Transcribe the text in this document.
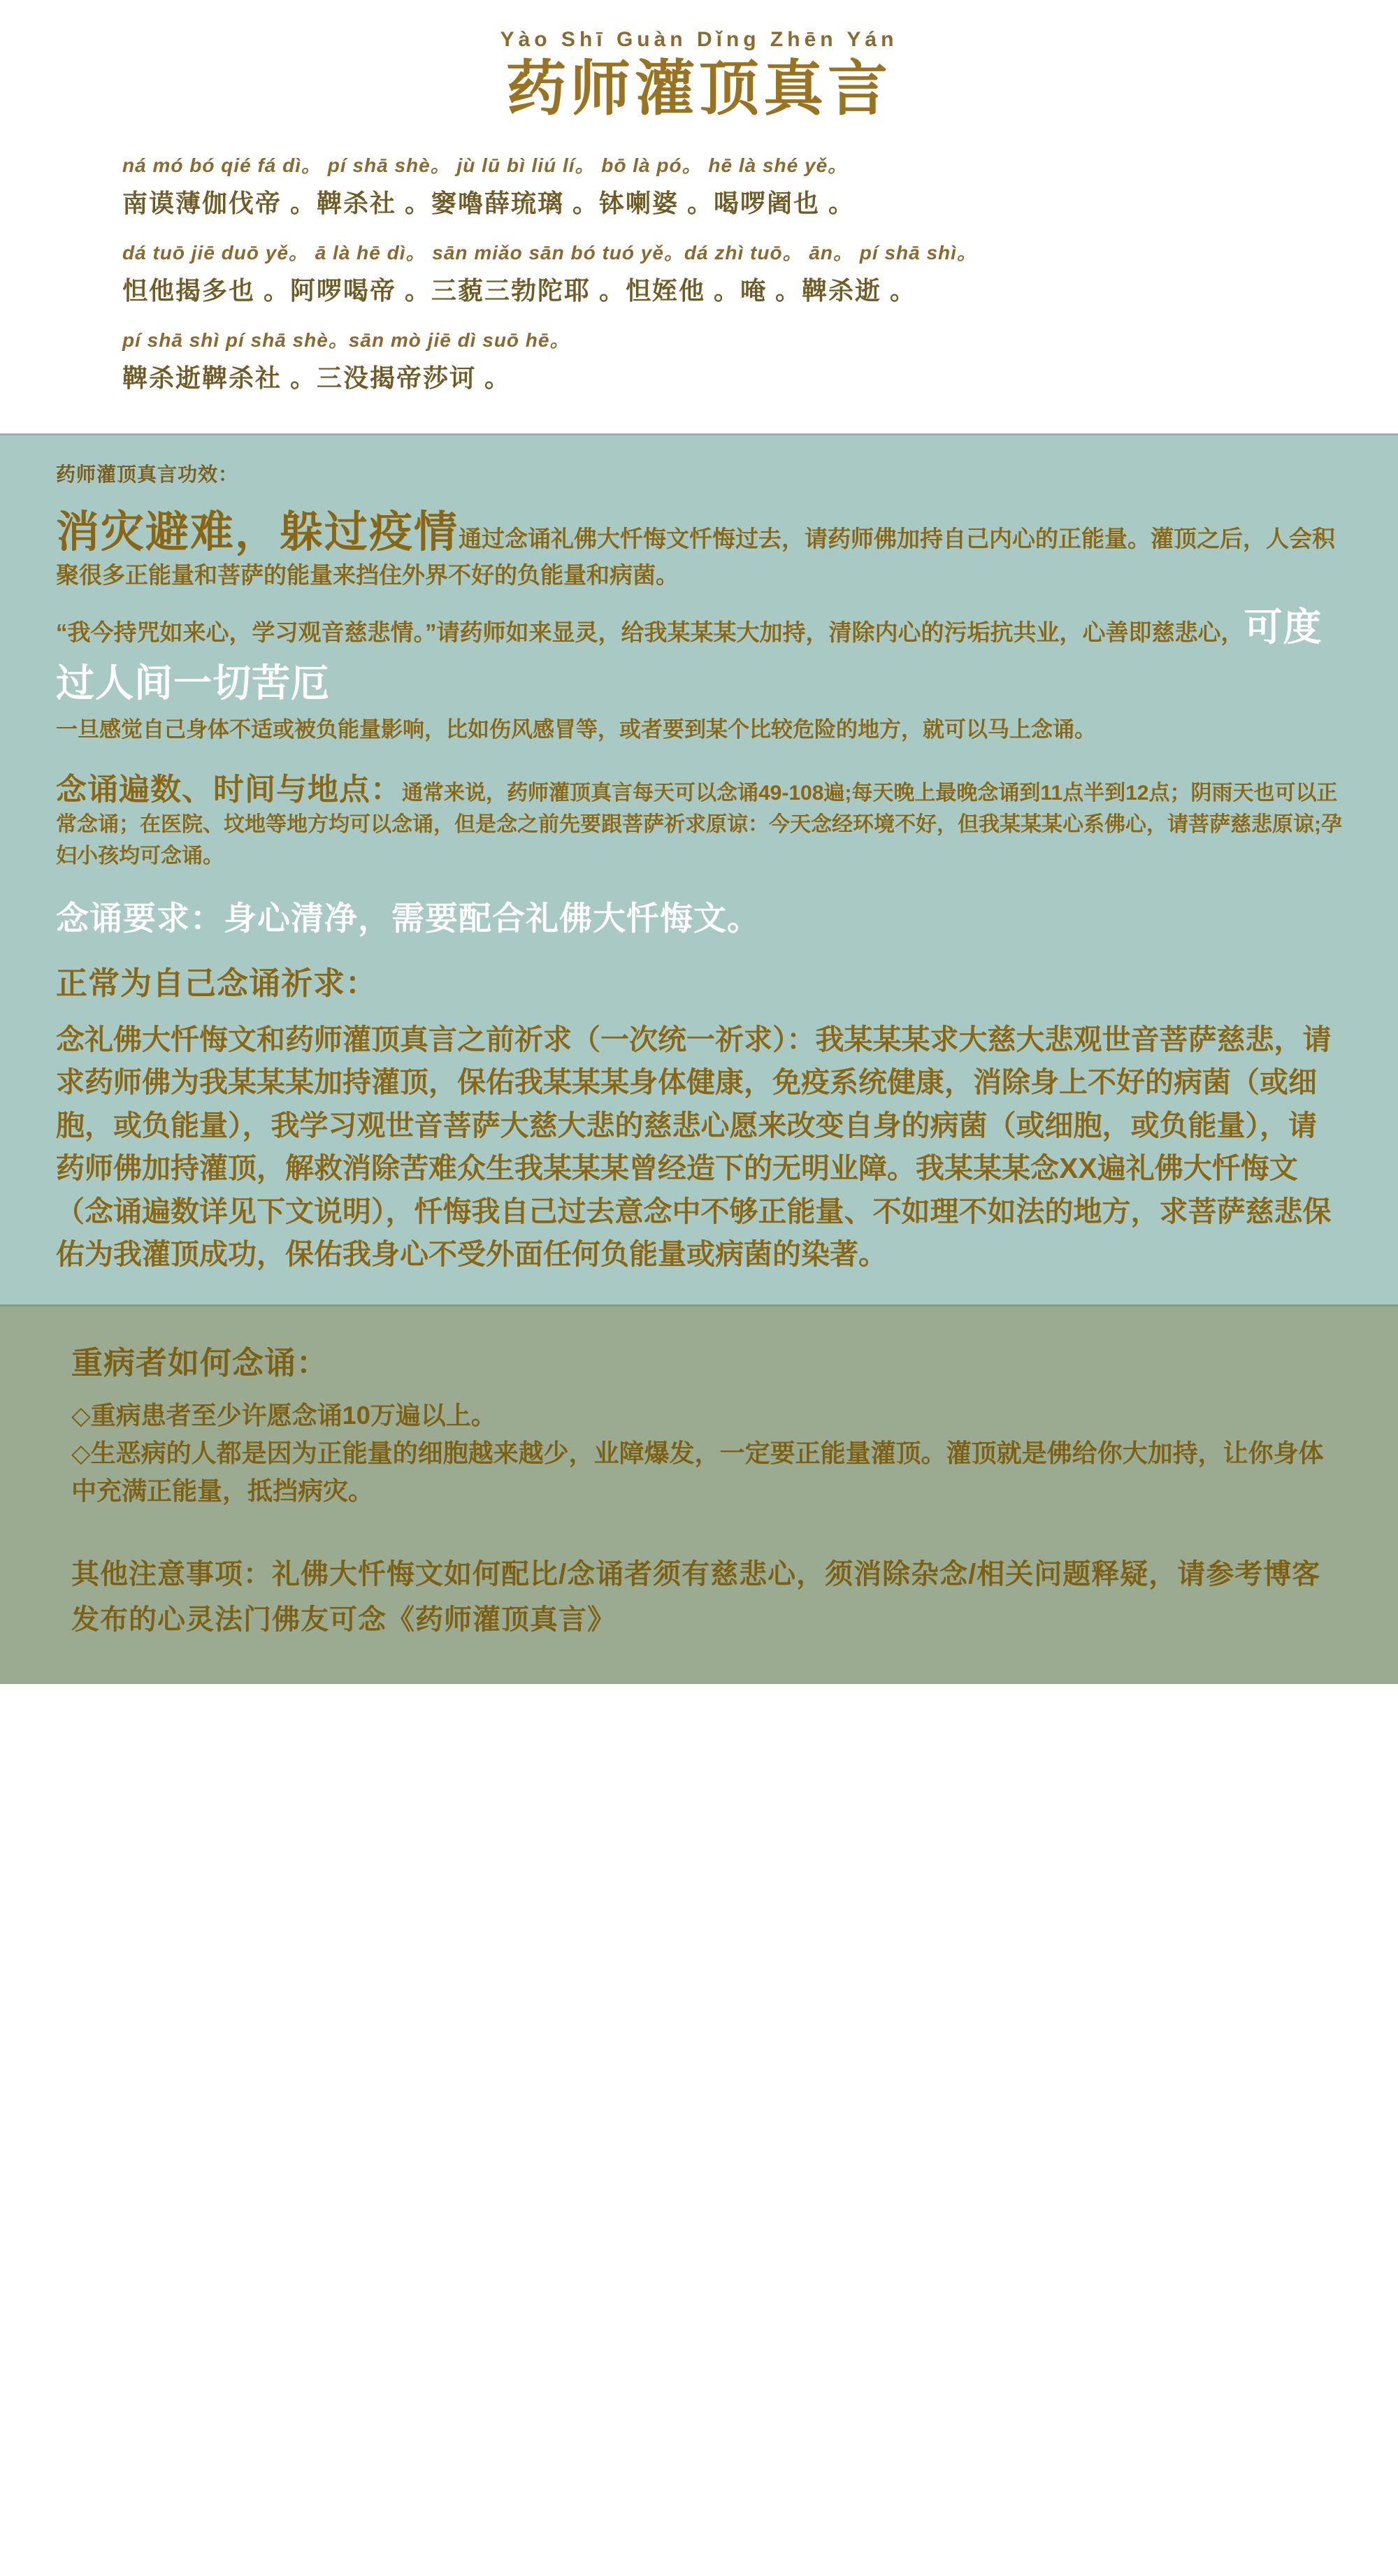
Yào Shī Guàn Dǐng Zhēn Yán
药师灌顶真言
ná mó bó qié fá dì。 pí shā shè。 jù lū bì liú lí。 bō là pó。 hē là shé yě。
南谟薄伽伐帝 。鞞杀社 。窭嚕薛琉璃 。钵喇婆 。喝啰阇也 。
dá tuō jiē duō yě。 ā là hē dì。 sān miǎo sān bó tuó yě。dá zhì tuō。 ān。 pí shā shì。
怛他揭多也 。阿啰喝帝 。三藐三勃陀耶 。怛姪他 。唵 。鞞杀逝 。
pí shā shì pí shā shè。sān mò jiē dì suō hē。
鞞杀逝鞞杀社 。三没揭帝莎诃 。
药师灌顶真言功效：
消灾避难，躲过疫情通过念诵礼佛大忏悔文忏悔过去，请药师佛加持自己内心的正能量。灌顶之后，人会积聚很多正能量和菩萨的能量来挡住外界不好的负能量和病菌。
“我今持咒如来心，学习观音慈悲情。”请药师如来显灵，给我某某某大加持，清除内心的污垢抗共业，心善即慈悲心，可度过人间一切苦厄
一旦感觉自己身体不适或被负能量影响，比如伤风感冒等，或者要到某个比较危险的地方，就可以马上念诵。
念诵遍数、时间与地点：通常来说，药师灌顶真言每天可以念诵49-108遍;每天晚上最晚念诵到11点半到12点；阴雨天也可以正常念诵；在医院、坟地等地方均可以念诵，但是念之前先要跟菩萨祈求原谅：今天念经环境不好，但我某某某心系佛心，请菩萨慈悲原谅;孕妇小孩均可念诵。
念诵要求：身心清净，需要配合礼佛大忏悔文。
正常为自己念诵祈求：
念礼佛大忏悔文和药师灌顶真言之前祈求（一次统一祈求）：我某某某求大慈大悲观世音菩萨慈悲，请求药师佛为我某某某加持灌顶，保佑我某某某身体健康，免疫系统健康，消除身上不好的病菌（或细胞，或负能量），我学习观世音菩萨大慈大悲的慈悲心愿来改变自身的病菌（或细胞，或负能量），请药师佛加持灌顶，解救消除苦难众生我某某某曾经造下的无明业障。我某某某念XX遍礼佛大忏悔文（念诵遍数详见下文说明），忏悔我自己过去意念中不够正能量、不如理不如法的地方，求菩萨慈悲保佑为我灌顶成功，保佑我身心不受外面任何负能量或病菌的染著。
重病者如何念诵：
◇重病患者至少许愿念诵10万遍以上。
◇生恶病的人都是因为正能量的细胞越来越少，业障爆发，一定要正能量灌顶。灌顶就是佛给你大加持，让你身体中充满正能量，抵挡病灾。
其他注意事项：礼佛大忏悔文如何配比/念诵者须有慈悲心，须消除杂念/相关问题释疑，请参考博客发布的心灵法门佛友可念《药师灌顶真言》
